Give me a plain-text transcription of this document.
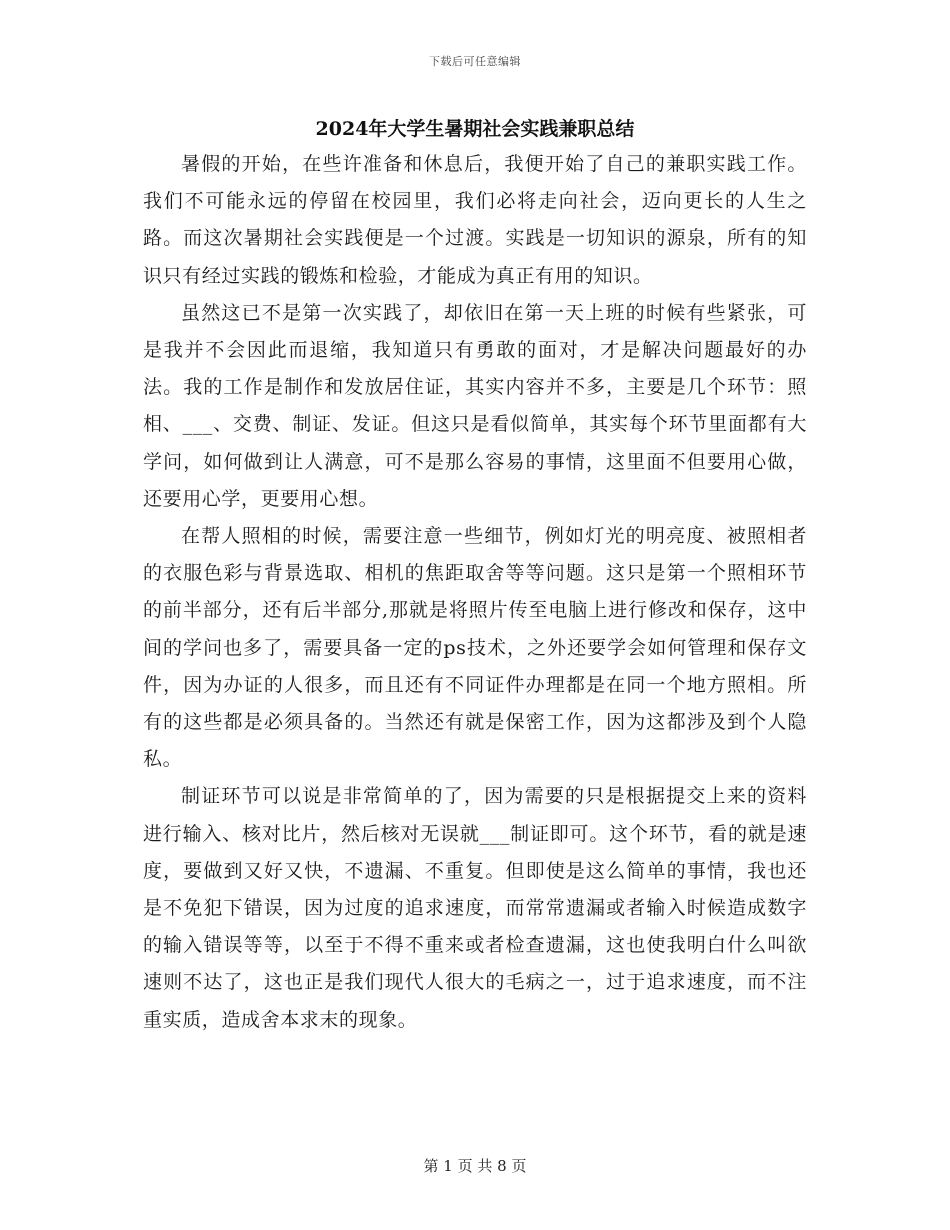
下载后可任意编辑
2024年大学生暑期社会实践兼职总结

暑假的开始，在些许准备和休息后，我便开始了自己的兼职实践工作。我们不可能永远的停留在校园里，我们必将走向社会，迈向更长的人生之路。而这次暑期社会实践便是一个过渡。实践是一切知识的源泉，所有的知识只有经过实践的锻炼和检验，才能成为真正有用的知识。

虽然这已不是第一次实践了，却依旧在第一天上班的时候有些紧张，可是我并不会因此而退缩，我知道只有勇敢的面对，才是解决问题最好的办法。我的工作是制作和发放居住证，其实内容并不多，主要是几个环节：照相、___、交费、制证、发证。但这只是看似简单，其实每个环节里面都有大学问，如何做到让人满意，可不是那么容易的事情，这里面不但要用心做，还要用心学，更要用心想。

在帮人照相的时候，需要注意一些细节，例如灯光的明亮度、被照相者的衣服色彩与背景选取、相机的焦距取舍等等问题。这只是第一个照相环节的前半部分，还有后半部分,那就是将照片传至电脑上进行修改和保存，这中间的学问也多了，需要具备一定的ps技术，之外还要学会如何管理和保存文件，因为办证的人很多，而且还有不同证件办理都是在同一个地方照相。所有的这些都是必须具备的。当然还有就是保密工作，因为这都涉及到个人隐私。

制证环节可以说是非常简单的了，因为需要的只是根据提交上来的资料进行输入、核对比片，然后核对无误就___制证即可。这个环节，看的就是速度，要做到又好又快，不遗漏、不重复。但即使是这么简单的事情，我也还是不免犯下错误，因为过度的追求速度，而常常遗漏或者输入时候造成数字的输入错误等等，以至于不得不重来或者检查遗漏，这也使我明白什么叫欲速则不达了，这也正是我们现代人很大的毛病之一，过于追求速度，而不注重实质，造成舍本求末的现象。

第 1 页 共 8 页
